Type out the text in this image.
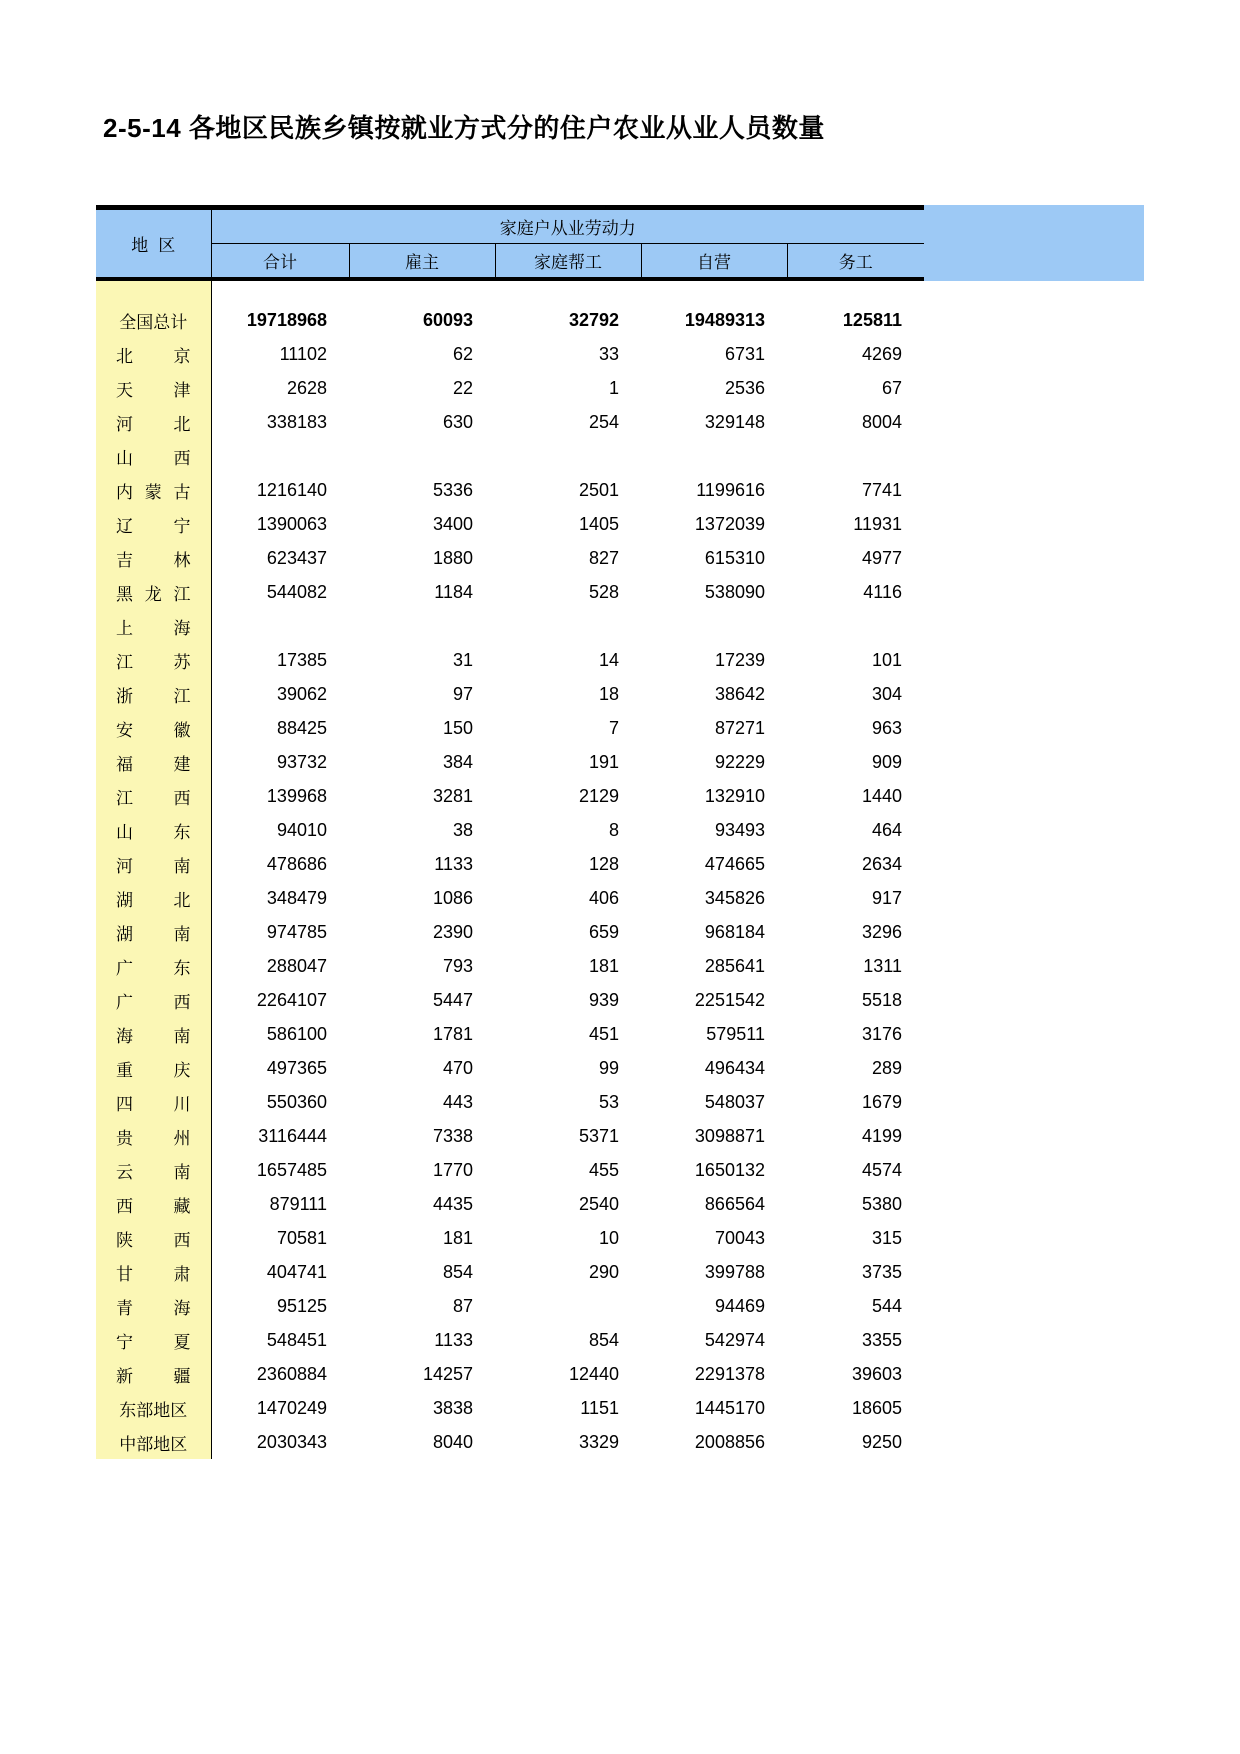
2-5-14 各地区民族乡镇按就业方式分的住户农业从业人员数量

地区	家庭户从业劳动力					
	合计	雇主	家庭帮工	自营	务工	

全国总计	19718968	60093	32792	19489313	125811	
北京	11102	62	33	6731	4269	
天津	2628	22	1	2536	67	
河北	338183	630	254	329148	8004	
山西						
内蒙古	1216140	5336	2501	1199616	7741	
辽宁	1390063	3400	1405	1372039	11931	
吉林	623437	1880	827	615310	4977	
黑龙江	544082	1184	528	538090	4116	
上海						
江苏	17385	31	14	17239	101	
浙江	39062	97	18	38642	304	
安徽	88425	150	7	87271	963	
福建	93732	384	191	92229	909	
江西	139968	3281	2129	132910	1440	
山东	94010	38	8	93493	464	
河南	478686	1133	128	474665	2634	
湖北	348479	1086	406	345826	917	
湖南	974785	2390	659	968184	3296	
广东	288047	793	181	285641	1311	
广西	2264107	5447	939	2251542	5518	
海南	586100	1781	451	579511	3176	
重庆	497365	470	99	496434	289	
四川	550360	443	53	548037	1679	
贵州	3116444	7338	5371	3098871	4199	
云南	1657485	1770	455	1650132	4574	
西藏	879111	4435	2540	866564	5380	
陕西	70581	181	10	70043	315	
甘肃	404741	854	290	399788	3735	
青海	95125	87		94469	544	
宁夏	548451	1133	854	542974	3355	
新疆	2360884	14257	12440	2291378	39603	
东部地区	1470249	3838	1151	1445170	18605	
中部地区	2030343	8040	3329	2008856	9250	
